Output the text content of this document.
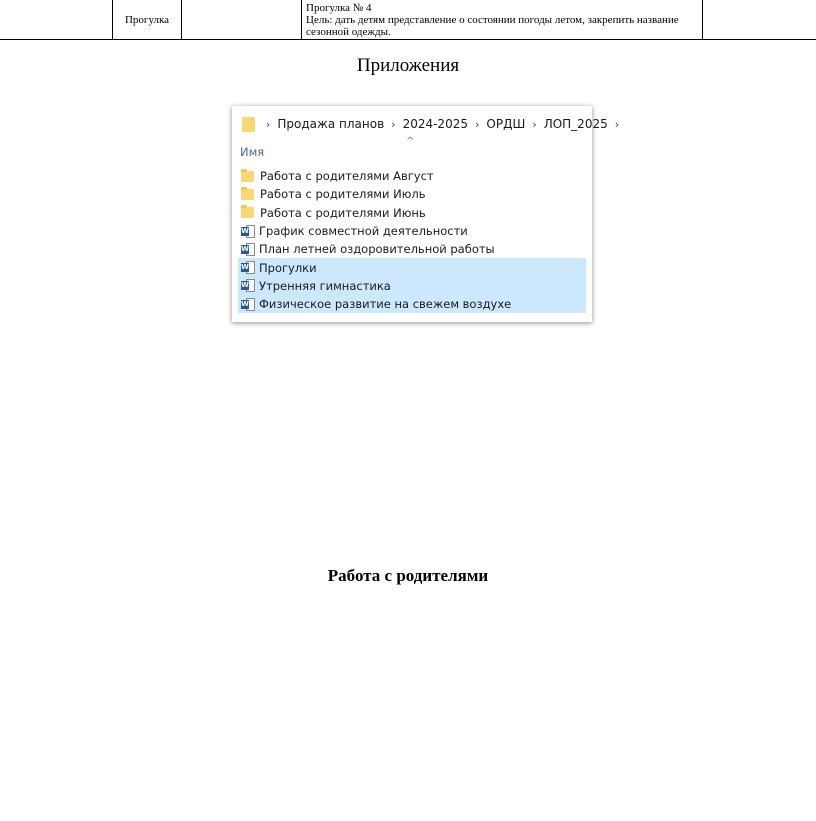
Прогулка
Прогулка № 4
Цель: дать детям представление о состоянии погоды летом, закрепить название сезонной одежды.
Приложения
› Продажа планов › 2024-2025 › ОРДШ › ЛОП_2025 ›
^
Имя
Работа с родителями Август
Работа с родителями Июль
Работа с родителями Июнь
W График совместной деятельности
W План летней оздоровительной работы
W Прогулки
W Утренняя гимнастика
W Физическое развитие на свежем воздухе
Работа с родителями
